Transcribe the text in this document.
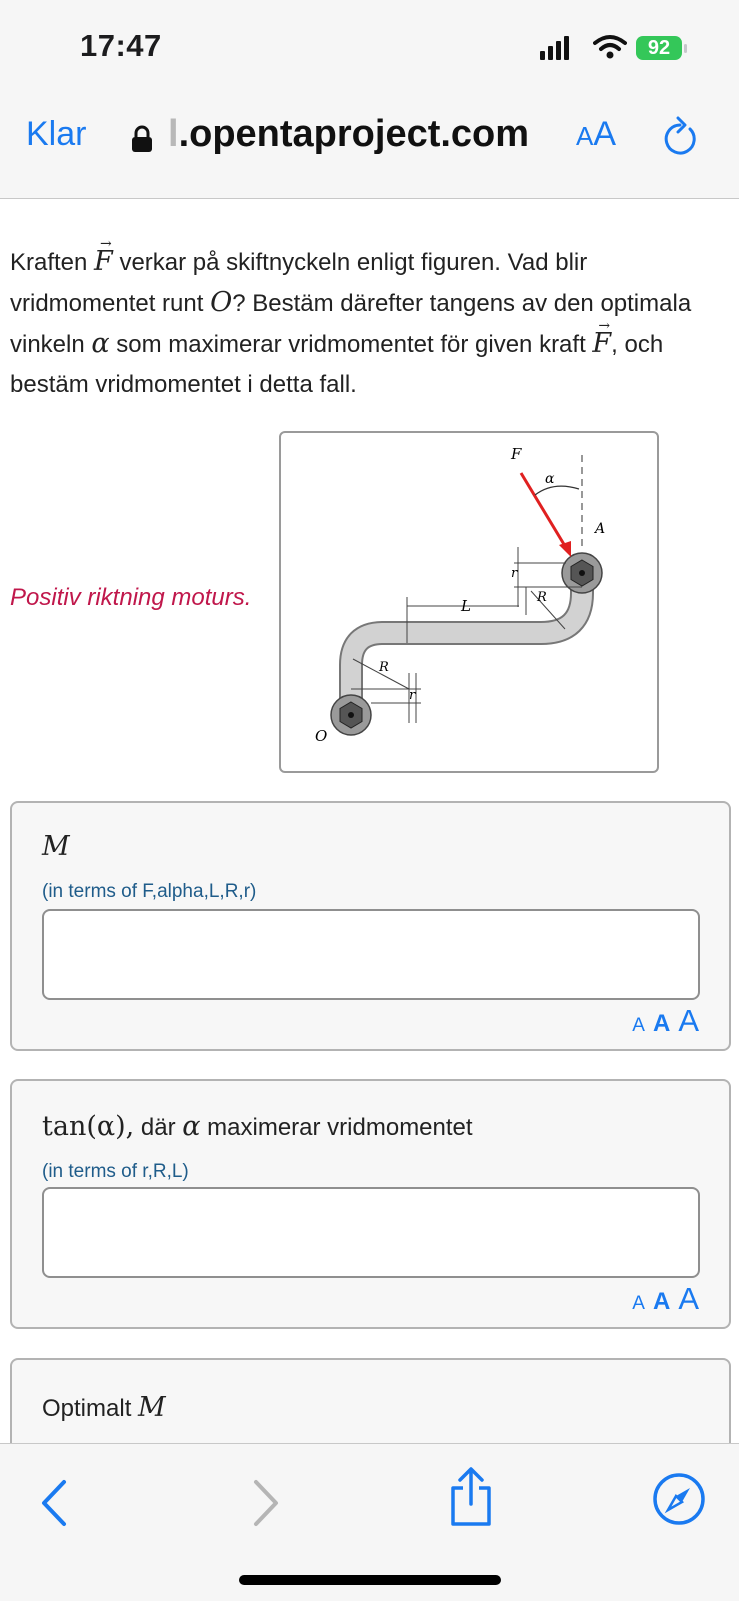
17:47	92
Klar l.opentaproject.com AA
Kraften → F verkar på skiftnyckeln enligt figuren. Vad blir vridmomentet runt O? Bestäm därefter tangens av den optimala vinkeln α som maximerar vridmomentet för given kraft → F, och bestäm vridmomentet i detta fall.
Positiv riktning moturs.
F
α
A
r
R
L
R
r
O
M
(in terms of F,alpha,L,R,r)
A A A
tan(α), där α maximerar vridmomentet
(in terms of r,R,L)
A A A
Optimalt M
